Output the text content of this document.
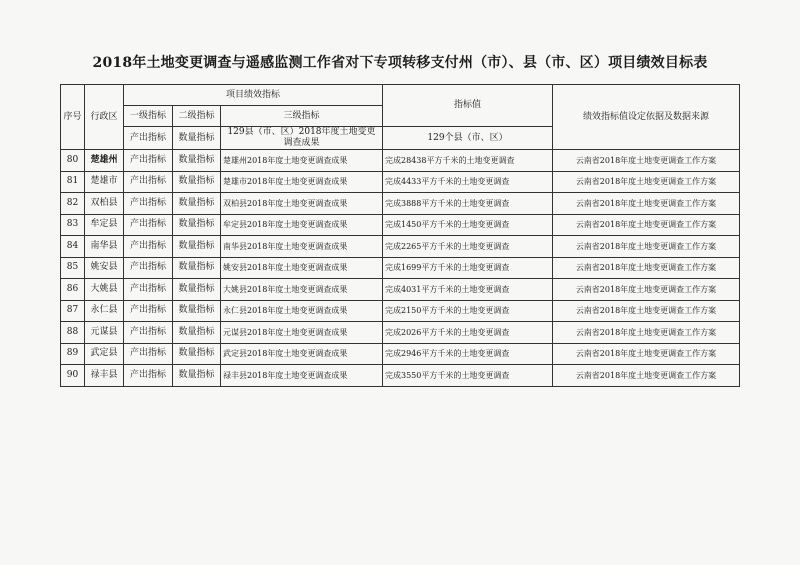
2018年土地变更调查与遥感监测工作省对下专项转移支付州（市）、县（市、区）项目绩效目标表
序号	行政区	项目绩效指标			指标值	绩效指标值设定依据及数据来源
		一级指标	二级指标	三级指标		
		产出指标	数量指标	129县（市、区）2018年度土地变更调查成果	129个县（市、区）	
80	楚雄州	产出指标	数量指标	楚雄州2018年度土地变更调查成果	完成28438平方千米的土地变更调查	云南省2018年度土地变更调查工作方案
81	楚雄市	产出指标	数量指标	楚雄市2018年度土地变更调查成果	完成4433平方千米的土地变更调查	云南省2018年度土地变更调查工作方案
82	双柏县	产出指标	数量指标	双柏县2018年度土地变更调查成果	完成3888平方千米的土地变更调查	云南省2018年度土地变更调查工作方案
83	牟定县	产出指标	数量指标	牟定县2018年度土地变更调查成果	完成1450平方千米的土地变更调查	云南省2018年度土地变更调查工作方案
84	南华县	产出指标	数量指标	南华县2018年度土地变更调查成果	完成2265平方千米的土地变更调查	云南省2018年度土地变更调查工作方案
85	姚安县	产出指标	数量指标	姚安县2018年度土地变更调查成果	完成1699平方千米的土地变更调查	云南省2018年度土地变更调查工作方案
86	大姚县	产出指标	数量指标	大姚县2018年度土地变更调查成果	完成4031平方千米的土地变更调查	云南省2018年度土地变更调查工作方案
87	永仁县	产出指标	数量指标	永仁县2018年度土地变更调查成果	完成2150平方千米的土地变更调查	云南省2018年度土地变更调查工作方案
88	元谋县	产出指标	数量指标	元谋县2018年度土地变更调查成果	完成2026平方千米的土地变更调查	云南省2018年度土地变更调查工作方案
89	武定县	产出指标	数量指标	武定县2018年度土地变更调查成果	完成2946平方千米的土地变更调查	云南省2018年度土地变更调查工作方案
90	禄丰县	产出指标	数量指标	禄丰县2018年度土地变更调查成果	完成3550平方千米的土地变更调查	云南省2018年度土地变更调查工作方案
